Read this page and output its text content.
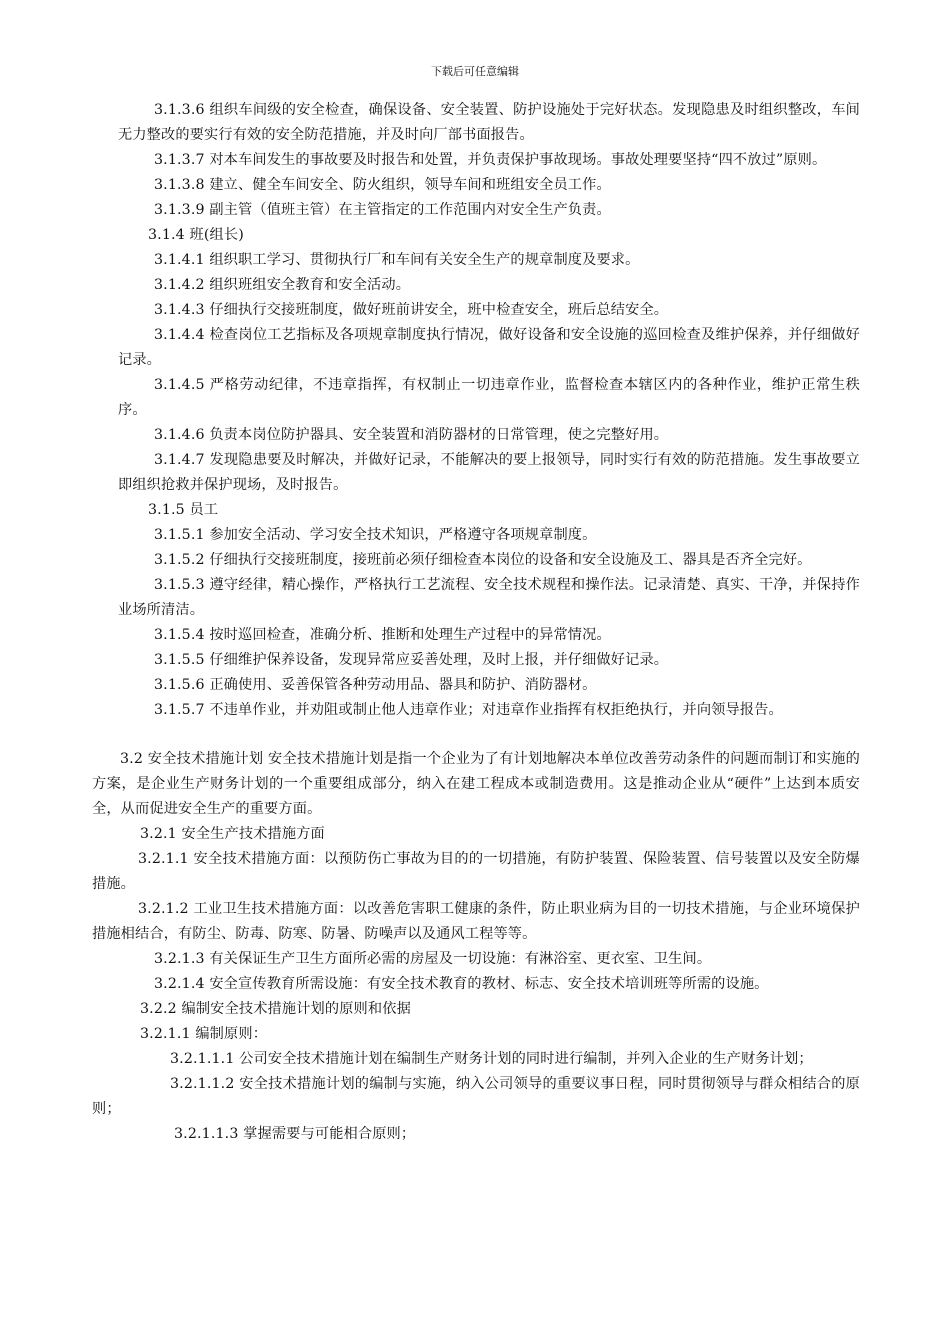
下载后可任意编辑

3.1.3.6 组织车间级的安全检查，确保设备、安全装置、防护设施处于完好状态。发现隐患及时组织整改，车间无力整改的要实行有效的安全防范措施，并及时向厂部书面报告。

3.1.3.7 对本车间发生的事故要及时报告和处置，并负责保护事故现场。事故处理要坚持“四不放过”原则。

3.1.3.8 建立、健全车间安全、防火组织，领导车间和班组安全员工作。

3.1.3.9 副主管（值班主管）在主管指定的工作范围内对安全生产负责。

3.1.4 班(组长)

3.1.4.1 组织职工学习、贯彻执行厂和车间有关安全生产的规章制度及要求。

3.1.4.2 组织班组安全教育和安全活动。

3.1.4.3 仔细执行交接班制度，做好班前讲安全，班中检查安全，班后总结安全。

3.1.4.4 检查岗位工艺指标及各项规章制度执行情况，做好设备和安全设施的巡回检查及维护保养，并仔细做好记录。

3.1.4.5 严格劳动纪律，不违章指挥，有权制止一切违章作业，监督检查本辖区内的各种作业，维护正常生秩序。

3.1.4.6 负责本岗位防护器具、安全装置和消防器材的日常管理，使之完整好用。

3.1.4.7 发现隐患要及时解决，并做好记录，不能解决的要上报领导，同时实行有效的防范措施。发生事故要立即组织抢救并保护现场，及时报告。

3.1.5 员工

3.1.5.1 参加安全活动、学习安全技术知识，严格遵守各项规章制度。

3.1.5.2 仔细执行交接班制度，接班前必须仔细检查本岗位的设备和安全设施及工、器具是否齐全完好。

3.1.5.3 遵守经律，精心操作，严格执行工艺流程、安全技术规程和操作法。记录清楚、真实、干净，并保持作业场所清洁。

3.1.5.4 按时巡回检查，准确分析、推断和处理生产过程中的异常情况。

3.1.5.5 仔细维护保养设备，发现异常应妥善处理，及时上报，并仔细做好记录。

3.1.5.6 正确使用、妥善保管各种劳动用品、器具和防护、消防器材。

3.1.5.7 不违单作业，并劝阻或制止他人违章作业；对违章作业指挥有权拒绝执行，并向领导报告。

3.2 安全技术措施计划 安全技术措施计划是指一个企业为了有计划地解决本单位改善劳动条件的问题而制订和实施的方案，是企业生产财务计划的一个重要组成部分，纳入在建工程成本或制造费用。这是推动企业从“硬件”上达到本质安全，从而促进安全生产的重要方面。

3.2.1 安全生产技术措施方面

3.2.1.1 安全技术措施方面：以预防伤亡事故为目的的一切措施，有防护装置、保险装置、信号装置以及安全防爆措施。

3.2.1.2 工业卫生技术措施方面：以改善危害职工健康的条件，防止职业病为目的一切技术措施，与企业环境保护措施相结合，有防尘、防毒、防寒、防暑、防噪声以及通风工程等等。

3.2.1.3 有关保证生产卫生方面所必需的房屋及一切设施：有淋浴室、更衣室、卫生间。

3.2.1.4 安全宣传教育所需设施：有安全技术教育的教材、标志、安全技术培训班等所需的设施。

3.2.2 编制安全技术措施计划的原则和依据

3.2.1.1 编制原则：

3.2.1.1.1 公司安全技术措施计划在编制生产财务计划的同时进行编制，并列入企业的生产财务计划；

3.2.1.1.2 安全技术措施计划的编制与实施，纳入公司领导的重要议事日程，同时贯彻领导与群众相结合的原则；

3.2.1.1.3 掌握需要与可能相合原则；
